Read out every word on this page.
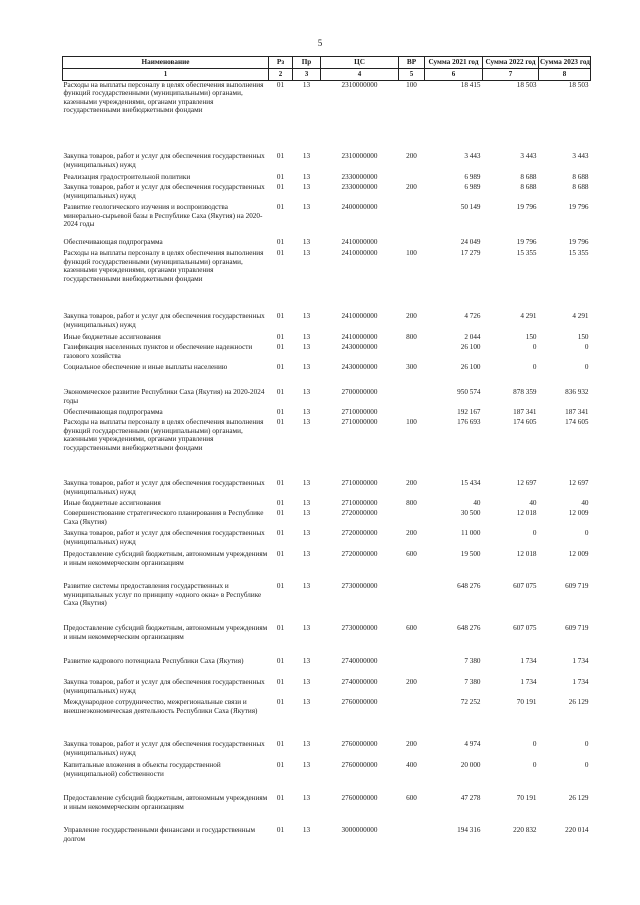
5
Наименование	Рз	Пр	ЦС	ВР	Сумма 2021 год	Сумма 2022 год	Сумма 2023 год
1	2	3	4	5	6	7	8
Расходы на выплаты персоналу в целях обеспечения выполнения функций государственными (муниципальными) органами, казенными учреждениями, органами управления государственными внебюджетными фондами	01	13	2310000000	100	18 415	18 503	18 503
Закупка товаров, работ и услуг для обеспечения государственных (муниципальных) нужд	01	13	2310000000	200	3 443	3 443	3 443
Реализация градостроительной политики	01	13	2330000000		6 989	8 688	8 688
Закупка товаров, работ и услуг для обеспечения государственных (муниципальных) нужд	01	13	2330000000	200	6 989	8 688	8 688
Развитие геологического изучения и воспроизводства минерально-сырьевой базы в Республике Саха (Якутия) на 2020-2024 годы	01	13	2400000000		50 149	19 796	19 796
Обеспечивающая подпрограмма	01	13	2410000000		24 049	19 796	19 796
Расходы на выплаты персоналу в целях обеспечения выполнения функций государственными (муниципальными) органами, казенными учреждениями, органами управления государственными внебюджетными фондами	01	13	2410000000	100	17 279	15 355	15 355
Закупка товаров, работ и услуг для обеспечения государственных (муниципальных) нужд	01	13	2410000000	200	4 726	4 291	4 291
Иные бюджетные ассигнования	01	13	2410000000	800	2 044	150	150
Газификация населенных пунктов и обеспечение надежности газового хозяйства	01	13	2430000000		26 100	0	0
Социальное обеспечение и иные выплаты населению	01	13	2430000000	300	26 100	0	0
Экономическое развитие Республики Саха (Якутия) на 2020-2024 годы	01	13	2700000000		950 574	878 359	836 932
Обеспечивающая подпрограмма	01	13	2710000000		192 167	187 341	187 341
Расходы на выплаты персоналу в целях обеспечения выполнения функций государственными (муниципальными) органами, казенными учреждениями, органами управления государственными внебюджетными фондами	01	13	2710000000	100	176 693	174 605	174 605
Закупка товаров, работ и услуг для обеспечения государственных (муниципальных) нужд	01	13	2710000000	200	15 434	12 697	12 697
Иные бюджетные ассигнования	01	13	2710000000	800	40	40	40
Совершенствование стратегического планирования в Республике Саха (Якутия)	01	13	2720000000		30 500	12 018	12 009
Закупка товаров, работ и услуг для обеспечения государственных (муниципальных) нужд	01	13	2720000000	200	11 000	0	0
Предоставление субсидий бюджетным, автономным учреждениям и иным некоммерческим организациям	01	13	2720000000	600	19 500	12 018	12 009
Развитие системы предоставления государственных и муниципальных услуг по принципу «одного окна» в Республике Саха (Якутия)	01	13	2730000000		648 276	607 075	609 719
Предоставление субсидий бюджетным, автономным учреждениям и иным некоммерческим организациям	01	13	2730000000	600	648 276	607 075	609 719
Развитие кадрового потенциала Республики Саха (Якутия)	01	13	2740000000		7 380	1 734	1 734
Закупка товаров, работ и услуг для обеспечения государственных (муниципальных) нужд	01	13	2740000000	200	7 380	1 734	1 734
Международное сотрудничество, межрегиональные связи и внешнеэкономическая деятельность Республики Саха (Якутия)	01	13	2760000000		72 252	70 191	26 129
Закупка товаров, работ и услуг для обеспечения государственных (муниципальных) нужд	01	13	2760000000	200	4 974	0	0
Капитальные вложения в объекты государственной (муниципальной) собственности	01	13	2760000000	400	20 000	0	0
Предоставление субсидий бюджетным, автономным учреждениям и иным некоммерческим организациям	01	13	2760000000	600	47 278	70 191	26 129
Управление государственными финансами и государственным долгом	01	13	3000000000		194 316	220 832	220 014
